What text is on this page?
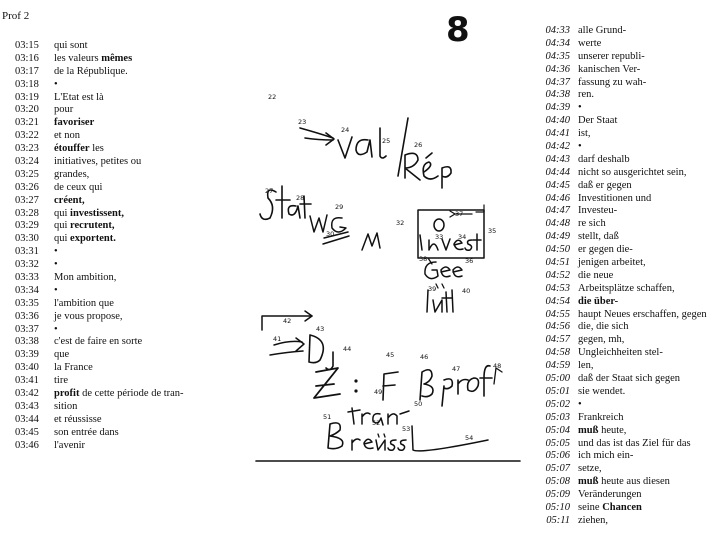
Prof 2	8
03:15 qui sont
03:16 les valeurs mêmes
03:17 de la République.
03:18 •
03:19 L'Etat est là
03:20 pour
03:21 favoriser
03:22 et non
03:23 étouffer les
03:24 initiatives, petites ou
03:25 grandes,
03:26 de ceux qui
03:27 créent,
03:28 qui investissent,
03:29 qui recrutent,
03:30 qui exportent.
03:31 •
03:32 •
03:33 Mon ambition,
03:34 •
03:35 l'ambition que
03:36 je vous propose,
03:37 •
03:38 c'est de faire en sorte
03:39 que
03:40 la France
03:41 tire
03:42 profit de cette période de tran-
03:43 sition
03:44 et réussisse
03:45 son entrée dans
03:46 l'avenir
04:33 alle Grund-
04:34 werte
04:35 unserer republi-
04:36 kanischen Ver-
04:37 fassung zu wah-
04:38 ren.
04:39 •
04:40 Der Staat
04:41 ist,
04:42 •
04:43 darf deshalb
04:44 nicht so ausgerichtet sein,
04:45 daß er gegen
04:46 Investitionen und
04:47 Investeu-
04:48 re sich
04:49 stellt, daß
04:50 er gegen die-
04:51 jenigen arbeitet,
04:52 die neue
04:53 Arbeitsplätze schaffen,
04:54 die über-
04:55 haupt Neues erschaffen, gegen
04:56 die, die sich
04:57 gegen, mh,
04:58 Ungleichheiten stel-
04:59 len,
05:00 daß der Staat sich gegen
05:01 sie wendet.
05:02 •
05:03 Frankreich
05:04 muß heute,
05:05 und das ist das Ziel für das
05:06 ich mich ein-
05:07 setze,
05:08 muß heute aus diesen
05:09 Veränderungen
05:10 seine Chancen
05:11 ziehen,
22
23
24
25	26
27
28
29
30
32
33 34
35
36
37
38
39	40
41
42
43
44
45	46
47	48
49
50
51
52
53
54
